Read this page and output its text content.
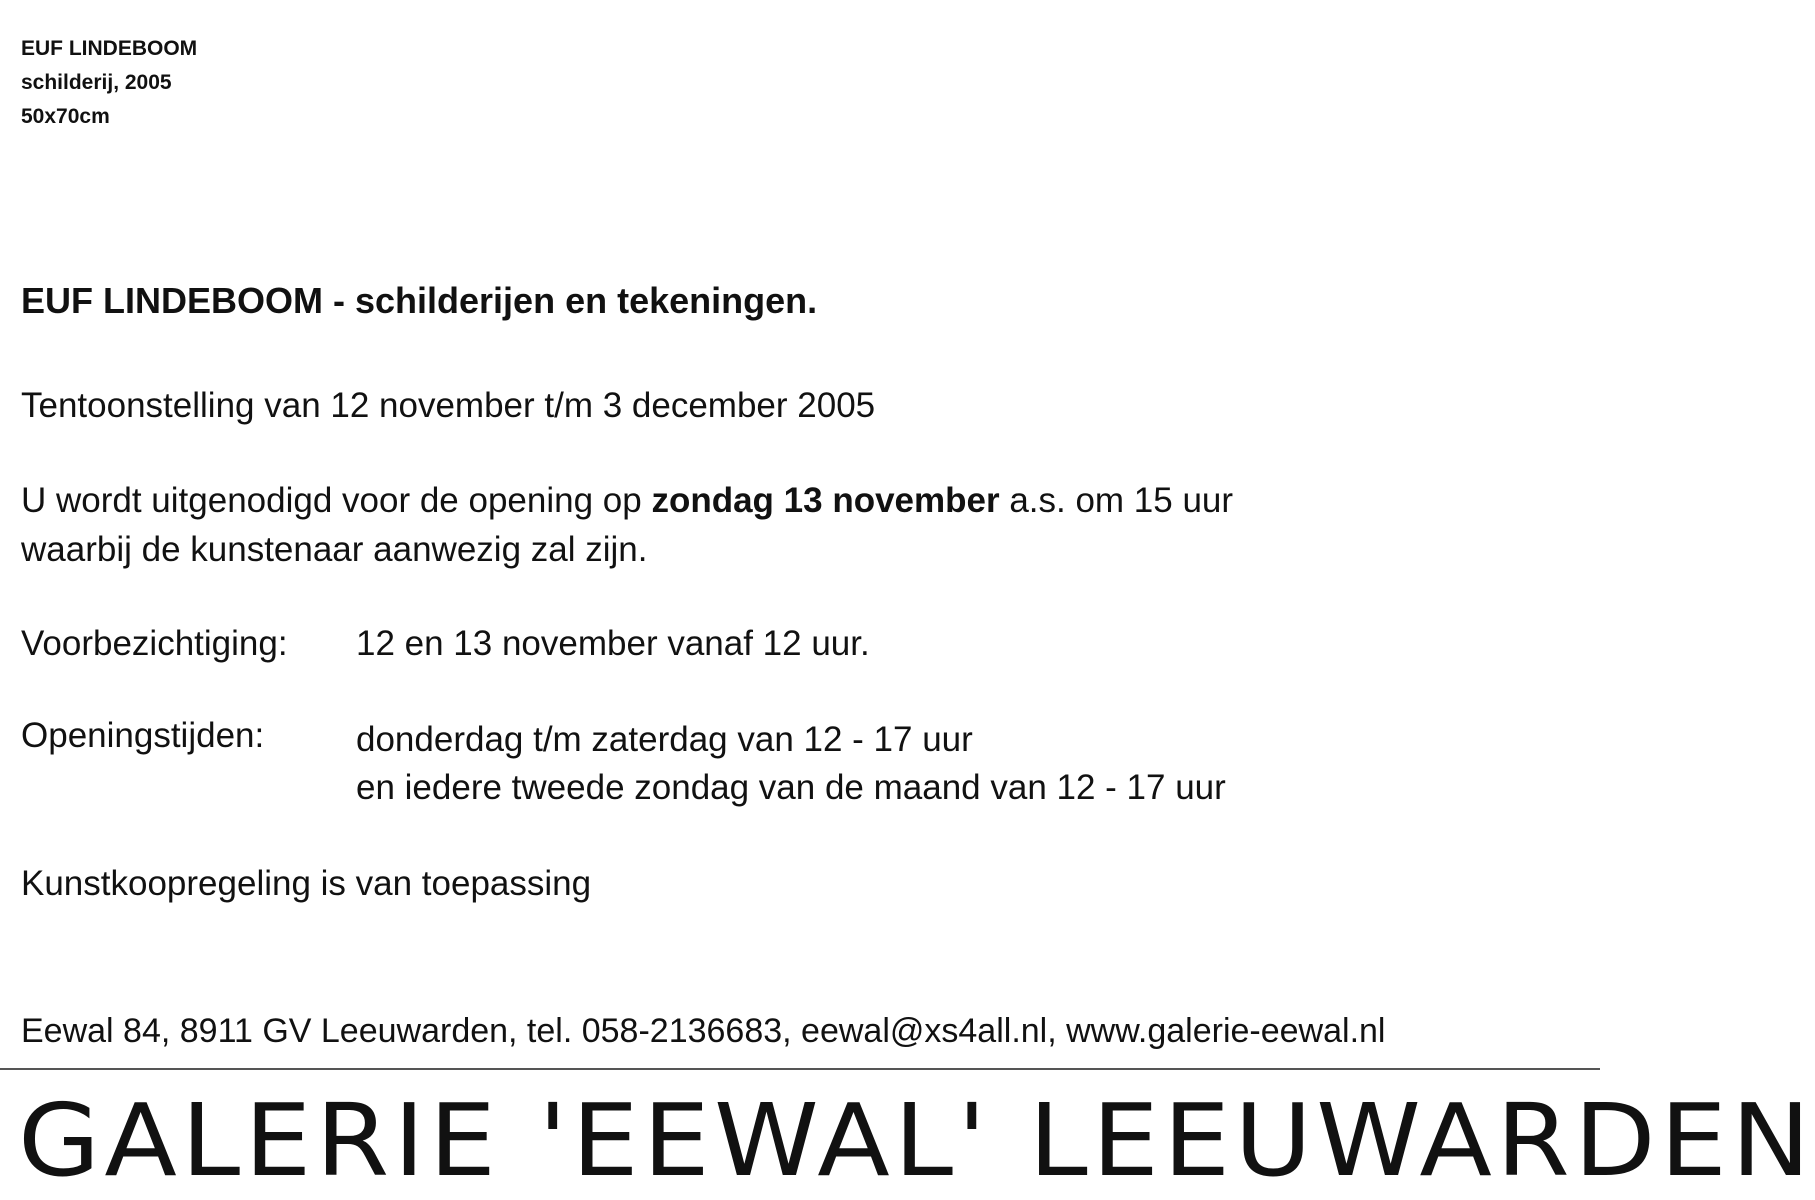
EUF LINDEBOOM
schilderij, 2005
50x70cm
EUF LINDEBOOM - schilderijen en tekeningen.
Tentoonstelling van 12 november t/m 3 december 2005
U wordt uitgenodigd voor de opening op zondag 13 november a.s. om 15 uur
waarbij de kunstenaar aanwezig zal zijn.
Voorbezichtiging: 12 en 13 november vanaf 12 uur.
Openingstijden:	donderdag t/m zaterdag van 12 - 17 uur
en iedere tweede zondag van de maand van 12 - 17 uur
Kunstkoopregeling is van toepassing
Eewal 84, 8911 GV Leeuwarden, tel. 058-2136683, eewal@xs4all.nl, www.galerie-eewal.nl
GALERIE 'EEWAL' LEEUWARDEN
